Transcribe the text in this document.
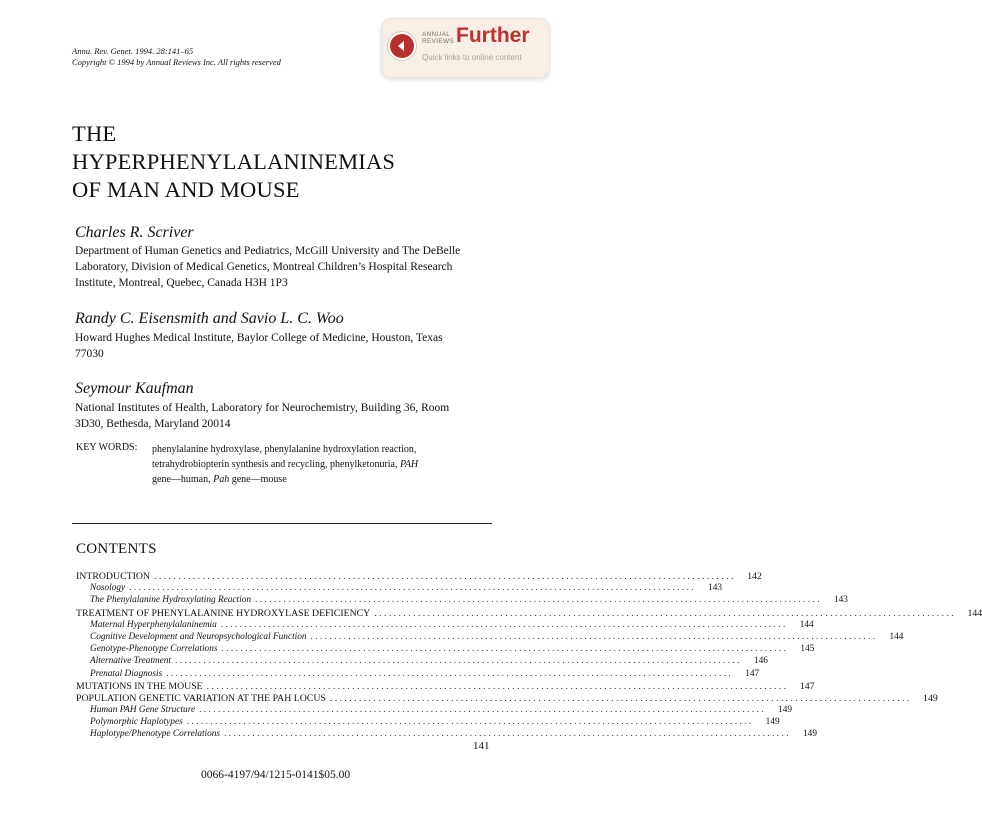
Annu. Rev. Genet. 1994. 28:141–65
Copyright © 1994 by Annual Reviews Inc. All rights reserved
ANNUAL
REVIEWS Further
Quick links to online content
THE
HYPERPHENYLALANINEMIAS
OF MAN AND MOUSE
Charles R. Scriver
Department of Human Genetics and Pediatrics, McGill University and The DeBelle
Laboratory, Division of Medical Genetics, Montreal Children’s Hospital Research
Institute, Montreal, Quebec, Canada H3H 1P3
Randy C. Eisensmith and Savio L. C. Woo
Howard Hughes Medical Institute, Baylor College of Medicine, Houston, Texas
77030
Seymour Kaufman
National Institutes of Health, Laboratory for Neurochemistry, Building 36, Room
3D30, Bethesda, Maryland 20014
KEY WORDS: phenylalanine hydroxylase, phenylalanine hydroxylation reaction,
tetrahydrobiopterin synthesis and recycling, phenylketonuria, PAH
gene—human, Pah gene—mouse
CONTENTS
INTRODUCTION ........................................................................................................................	142
Nosology ........................................................................................................................	143
The Phenylalanine Hydroxylating Reaction ........................................................................................................................	143
TREATMENT OF PHENYLALANINE HYDROXYLASE DEFICIENCY ........................................................................................................................	144
Maternal Hyperphenylalaninemia ........................................................................................................................	144
Cognitive Development and Neuropsychological Function ........................................................................................................................	144
Genotype-Phenotype Correlations ........................................................................................................................	145
Alternative Treatment ........................................................................................................................	146
Prenatal Diagnosis ........................................................................................................................	147
MUTATIONS IN THE MOUSE ........................................................................................................................	147
POPULATION GENETIC VARIATION AT THE PAH LOCUS ........................................................................................................................	149
Human PAH Gene Structure ........................................................................................................................	149
Polymorphic Haplotypes ........................................................................................................................	149
Haplotype/Phenotype Correlations ........................................................................................................................	149
141
0066-4197/94/1215-0141$05.00
